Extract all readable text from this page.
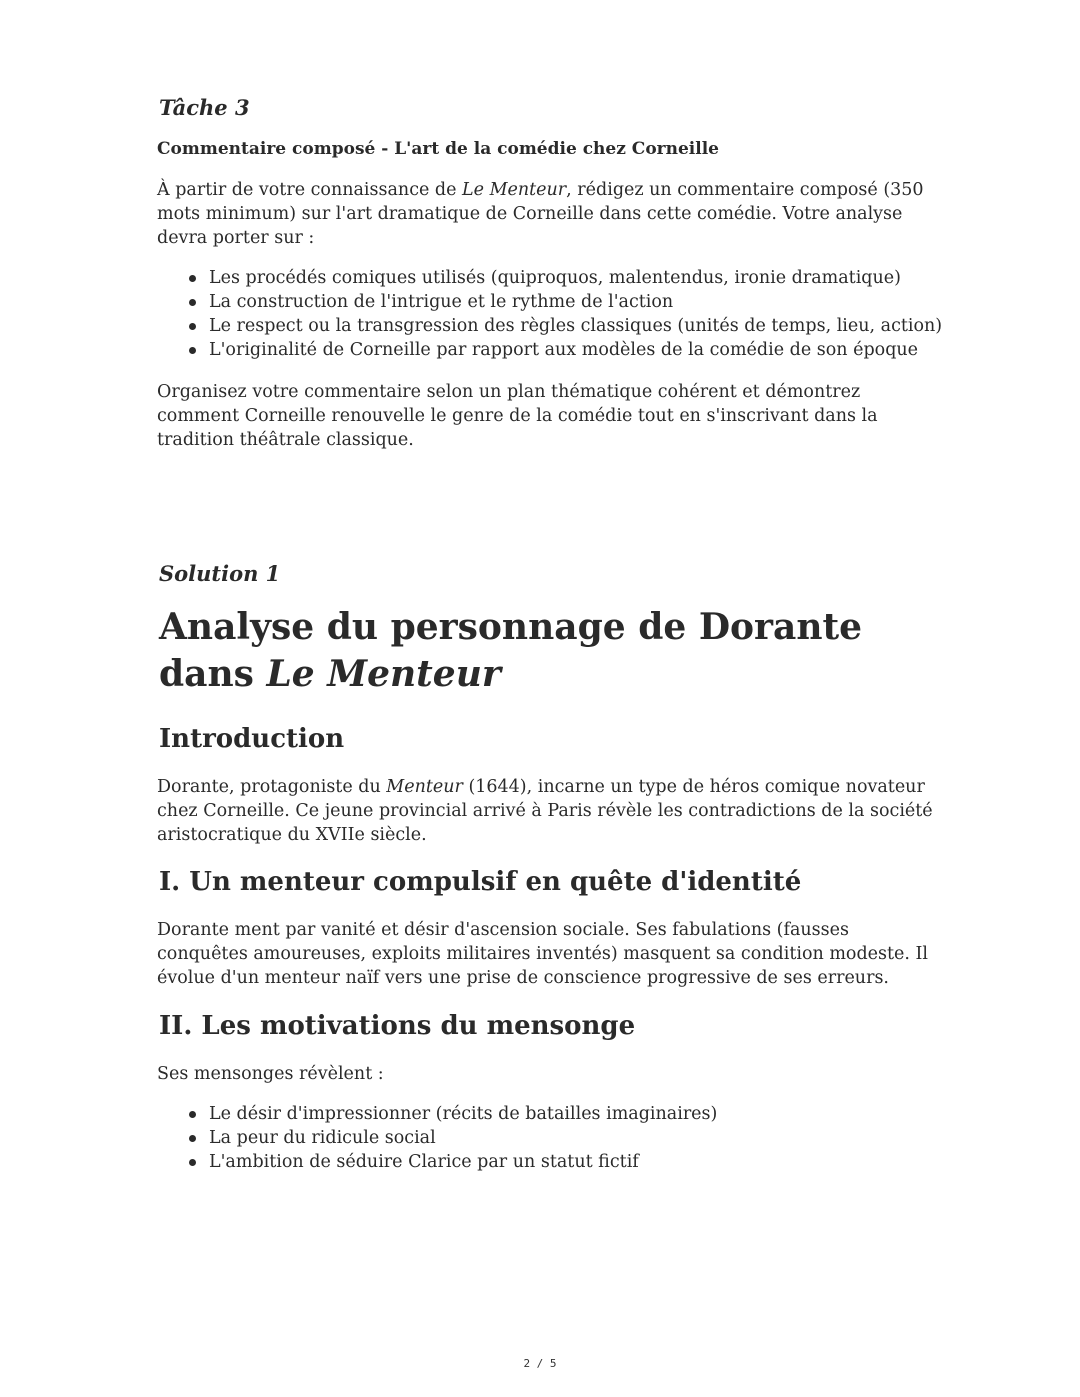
Tâche 3

Commentaire composé - L'art de la comédie chez Corneille

À partir de votre connaissance de Le Menteur, rédigez un commentaire composé (350 mots minimum) sur l'art dramatique de Corneille dans cette comédie. Votre analyse devra porter sur :

Les procédés comiques utilisés (quiproquos, malentendus, ironie dramatique)
La construction de l'intrigue et le rythme de l'action
Le respect ou la transgression des règles classiques (unités de temps, lieu, action)
L'originalité de Corneille par rapport aux modèles de la comédie de son époque

Organisez votre commentaire selon un plan thématique cohérent et démontrez comment Corneille renouvelle le genre de la comédie tout en s'inscrivant dans la tradition théâtrale classique.

Solution 1

Analyse du personnage de Dorante dans Le Menteur
Introduction

Dorante, protagoniste du Menteur (1644), incarne un type de héros comique novateur chez Corneille. Ce jeune provincial arrivé à Paris révèle les contradictions de la société aristocratique du XVIIe siècle.

I. Un menteur compulsif en quête d'identité

Dorante ment par vanité et désir d'ascension sociale. Ses fabulations (fausses conquêtes amoureuses, exploits militaires inventés) masquent sa condition modeste. Il évolue d'un menteur naïf vers une prise de conscience progressive de ses erreurs.

II. Les motivations du mensonge

Ses mensonges révèlent :

Le désir d'impressionner (récits de batailles imaginaires)
La peur du ridicule social
L'ambition de séduire Clarice par un statut fictif
2 / 5
